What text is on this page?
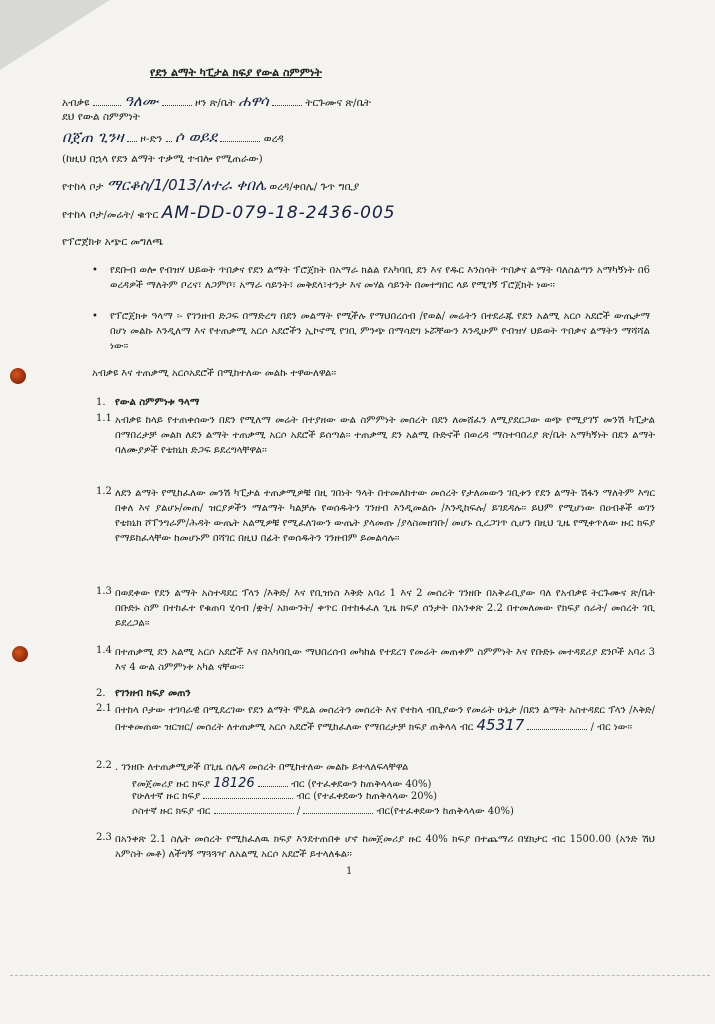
የደን ልማት ካፒታል ክፍያ የውል ስምምነት
አብቃዩ ዓለሙ	ዞን ጽ/ቤት ሐዋሳ	ትርጉሙና ጽ/ቤት
ደህ የውል ስምምነት
በጀጠ ጊንዛ ዞ-ድን ሶ ወይደ	ወረዳ
(ከዚህ በኋላ የደን ልማት ተቃሚ ተብሎ የሚጠራው)
የተከላ ቦታ ማርቆስ/1/013/ለተራ ቀበሌ ወረዳ/ቀበሌ/ ጉጥ ግቢያ
የተከላ ቦታ/መሬት/ ቁጥር AM-DD-079-18-2436-005
የፕሮጀክቱ አጭር መግለጫ
• የደቡብ ወሎ የብዝሃ ህይወት ጥበቃና የደን ልማት ፕሮጀክት በአማራ ክልል የአካባቢ ደን እና የዱር እንስሳት ጥበቃና ልማት ባለስልጣን አማካኝነት በ6 ወረዳዎች ማለትም ቦረና፣ ለጋምቦ፣ አማራ ሳይንት፣ መቅደላ፣ተንታ እና መሃል ሳይንት በመተግበር ላይ የሚገኝ ፕሮጀክት ነው፡፡
• የፕሮጀክቱ ዓላማ ፡- የገንዘብ ድጋፍ በማድረግ በደን መልማት የሚችሉ የማህበረሰብ /የወል/ መሬትን በተደራጁ የደን አልሚ አርሶ አደሮች ውጤታማ በሆነ መልኩ እንዲለማ እና የተጠቃሚ አርሶ አደሮችን ኢኮኖሚ የገቢ ምንጭ በማሳደግ ኑሯቸውን እንዲሁም የብዝሃ ህይወት ጥበቃና ልማትን ማሻሻል ነው፡፡
አብቃዩ እና ተጠቃሚ አርሶአደሮች በሚከተለው መልኩ ተዋውለዋል፡፡
1. የውል ስምምነቱ ዓላማ
1.1 አብቃዩ ከላይ የተጠቀሰውን በደን የሚለማ መሬት በተያዘው ውል ስምምነት መሰረት በደን ለመሸፈን ለሚያደርጋው ወጭ የሚያገኘ መንሽ ካፒታል በማበረታቻ መልክ ለደን ልማት ተጠቃሚ አርሶ አደሮች ይሰጣል፡፡ ተጠቃሚ ደን አልሚ ቡድኖች በወረዳ ማስተባበሪያ ጽ/ቤት አማካኝነት በደን ልማት ባለሙያዎች የቴክኒክ ድጋፍ ይደረግላቸዋል፡፡
1.2 ለደን ልማት የሚከፈለው መንሽ ካፒታል ተጠቃሚዎቹ በዚ ገበነት ዓላት በተመለከተው መሰረት የታለመውን ገቢቱን የደን ልማት ሽፋን ማለትም እግር በቀለ እና ያልሆኑ/መጠ/ ዝርያዎችን ማልማት ካልቻሉ የወሰዱትን ገንዘብ እንዲመልሱ /እንዲከፍሉ/ ይገደዳሉ፡፡ ይህም የሚሆነው በዐብቶች ወገን የቴክኒክ ሾፐንግራም/ሕዳት ውጤት አልሚዎቹ የሚፈለገውን ውጤት ያላመጡ /ያላስመዘገቡ/ መሆኑ ሲረጋገጥ ሲሆን በዚህ ጊዜ የሚቀጥለው ዙር ክፍያ የማይከፈላቸው ከመሆኑም በሻገር በዚህ በፊት የወሰዱትን ገንዘብም ይመልሳሉ፡፡
1.3 በወደቀው የደን ልማት አስተዳደር ፕላን /እቅድ/ እና የቢዝነስ እቅድ አባሪ 1 እና 2 መሰረት ገንዘቡ በአቅራቢያው ባለ የአብቃዩ ትርጉሙና ጽ/ቤት በቡድኑ ስም በተከፈተ የቁጠባ ሂሳብ /ቋት/ አክውንት/ ቀጥር በተከፋፈለ ጊዜ ክፍያ ሰንታት በአንቀጽ 2.2 በተመለመው የክፍያ ሰራት/ መሰረት ገቢ ይደረጋል፡፡
1.4 በተጠቃሚ ደን አልሚ አርሶ አደሮች እና በአካባቢው ማህበረሰብ መካከል የተደረገ የመሬት መጠቀም ስምምነት እና የቡድኑ መተዳደሪያ ደንቦች አባሪ 3 እና 4 ውል ስምምነቱ አካል ናቸው፡፡
2. የገንዘብ ክፍያ መጠን
2.1 በተከላ ቦታው ተገባራዊ በሚደረገው የደን ልማት ሞዴል መሰረትን መሰረት እና የተከላ ብቢያውን የመሬት ሁኔታ /በደን ልማት አስተዳደር ፕላን /እቅድ/ በተቀመጠው ዝርዝር/ መሰረት ለተጠቃሚ አርሶ አደሮች የሚከፈለው የማበረታቻ ክፍያ ጠቅላላ ብር 45317	/ ብር ነው፡፡
2.2 . ገንዘቡ ለተጠቃሚዎች በጊዜ ሰሌዳ መሰረት በሚከተለው መልኩ ይተላለፍላቸዋል
የመጀመሪያ ዙር ክፍያ 18126	ብር (የተፈቀደውን ከጠቅላላው 40%)
የሁለተኛ ዙር ክፍያ	ብር (የተፈቀደውን ከጠቅላላው 20%)
ሶስተኛ ዙር ክፍያ ብር	/	ብር(የተፈቀደውን ከጠቅላላው 40%)
2.3 በአንቀጽ 2.1 ስሌት መሰረት የሚከፈለዉ ክፍያ እንደተጠበቀ ሆኖ ከመጀመሪያ ዙር 40% ክፍያ በተጨማሪ በሄክታር ብር 1500.00 (አንድ ሽህ አምስት መቶ) ለችግኝ ማጓጓዣ ለአልሚ አርሶ አደሮች ይተላለፋል፡፡
1
